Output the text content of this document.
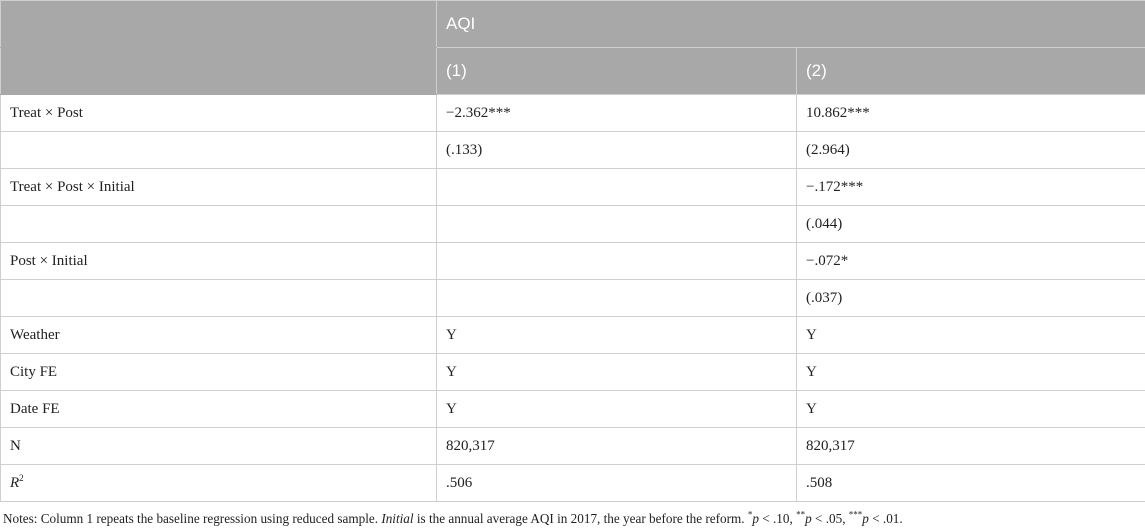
	AQI	
	(1)	(2)
Treat × Post	−2.362***	10.862***
	(.133)	(2.964)
Treat × Post × Initial		−.172***
		(.044)
Post × Initial		−.072*
		(.037)
Weather	Y	Y
City FE	Y	Y
Date FE	Y	Y
N	820,317	820,317
$R^2$	.506	.508
Notes: Column 1 repeats the baseline regression using reduced sample. Initial is the annual average AQI in 2017, the year before the reform. *p < .10, **p < .05, ***p < .01.
